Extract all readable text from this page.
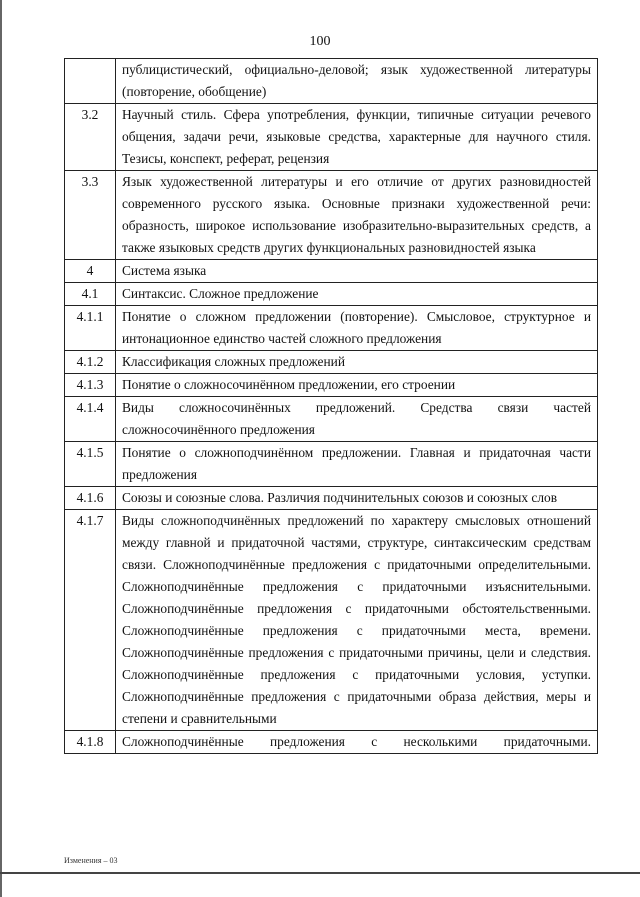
100
	публицистический, официально-деловой; язык художественной литературы (повторение, обобщение)
3.2	Научный стиль. Сфера употребления, функции, типичные ситуации речевого общения, задачи речи, языковые средства, характерные для научного стиля. Тезисы, конспект, реферат, рецензия
3.3	Язык художественной литературы и его отличие от других разновидностей современного русского языка. Основные признаки художественной речи: образность, широкое использование изобразительно-выразительных средств, а также языковых средств других функциональных разновидностей языка
4	Система языка
4.1	Синтаксис. Сложное предложение
4.1.1	Понятие о сложном предложении (повторение). Смысловое, структурное и интонационное единство частей сложного предложения
4.1.2	Классификация сложных предложений
4.1.3	Понятие о сложносочинённом предложении, его строении
4.1.4	Виды сложносочинённых предложений. Средства связи частей сложносочинённого предложения
4.1.5	Понятие о сложноподчинённом предложении. Главная и придаточная части предложения
4.1.6	Союзы и союзные слова. Различия подчинительных союзов и союзных слов
4.1.7	Виды сложноподчинённых предложений по характеру смысловых отношений между главной и придаточной частями, структуре, синтаксическим средствам связи. Сложноподчинённые предложения с придаточными определительными. Сложноподчинённые предложения с придаточными изъяснительными. Сложноподчинённые предложения с придаточными обстоятельственными. Сложноподчинённые предложения с придаточными места, времени. Сложноподчинённые предложения с придаточными причины, цели и следствия. Сложноподчинённые предложения с придаточными условия, уступки. Сложноподчинённые предложения с придаточными образа действия, меры и степени и сравнительными
4.1.8	Сложноподчинённые предложения с несколькими придаточными.
Изменения – 03
